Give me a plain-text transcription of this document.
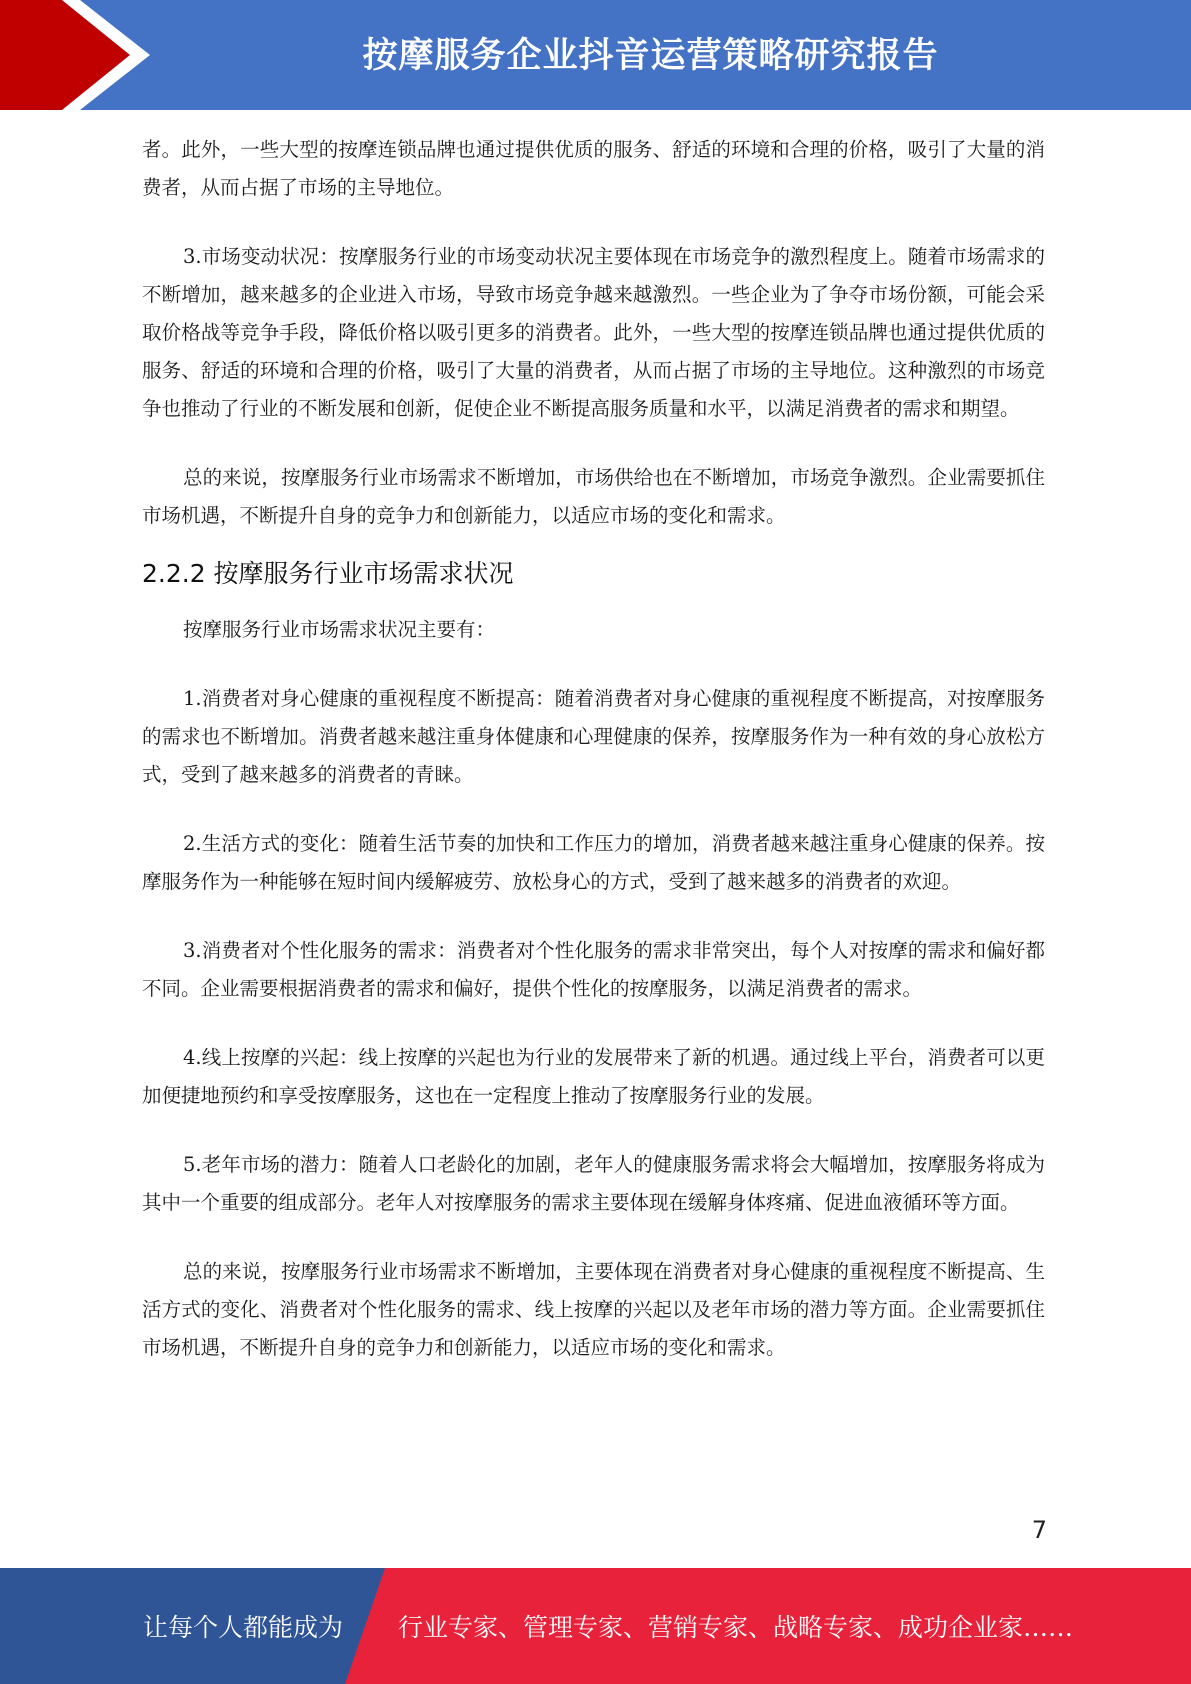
按摩服务企业抖音运营策略研究报告

者。此外，一些大型的按摩连锁品牌也通过提供优质的服务、舒适的环境和合理的价格，吸引了大量的消费者，从而占据了市场的主导地位。

3.市场变动状况：按摩服务行业的市场变动状况主要体现在市场竞争的激烈程度上。随着市场需求的不断增加，越来越多的企业进入市场，导致市场竞争越来越激烈。一些企业为了争夺市场份额，可能会采取价格战等竞争手段，降低价格以吸引更多的消费者。此外，一些大型的按摩连锁品牌也通过提供优质的服务、舒适的环境和合理的价格，吸引了大量的消费者，从而占据了市场的主导地位。这种激烈的市场竞争也推动了行业的不断发展和创新，促使企业不断提高服务质量和水平，以满足消费者的需求和期望。

总的来说，按摩服务行业市场需求不断增加，市场供给也在不断增加，市场竞争激烈。企业需要抓住市场机遇，不断提升自身的竞争力和创新能力，以适应市场的变化和需求。

2.2.2 按摩服务行业市场需求状况

按摩服务行业市场需求状况主要有：

1.消费者对身心健康的重视程度不断提高：随着消费者对身心健康的重视程度不断提高，对按摩服务的需求也不断增加。消费者越来越注重身体健康和心理健康的保养，按摩服务作为一种有效的身心放松方式，受到了越来越多的消费者的青睐。

2.生活方式的变化：随着生活节奏的加快和工作压力的增加，消费者越来越注重身心健康的保养。按摩服务作为一种能够在短时间内缓解疲劳、放松身心的方式，受到了越来越多的消费者的欢迎。

3.消费者对个性化服务的需求：消费者对个性化服务的需求非常突出，每个人对按摩的需求和偏好都不同。企业需要根据消费者的需求和偏好，提供个性化的按摩服务，以满足消费者的需求。

4.线上按摩的兴起：线上按摩的兴起也为行业的发展带来了新的机遇。通过线上平台，消费者可以更加便捷地预约和享受按摩服务，这也在一定程度上推动了按摩服务行业的发展。

5.老年市场的潜力：随着人口老龄化的加剧，老年人的健康服务需求将会大幅增加，按摩服务将成为其中一个重要的组成部分。老年人对按摩服务的需求主要体现在缓解身体疼痛、促进血液循环等方面。

总的来说，按摩服务行业市场需求不断增加，主要体现在消费者对身心健康的重视程度不断提高、生活方式的变化、消费者对个性化服务的需求、线上按摩的兴起以及老年市场的潜力等方面。企业需要抓住市场机遇，不断提升自身的竞争力和创新能力，以适应市场的变化和需求。

7
让每个人都能成为 行业专家、管理专家、营销专家、战略专家、成功企业家……
